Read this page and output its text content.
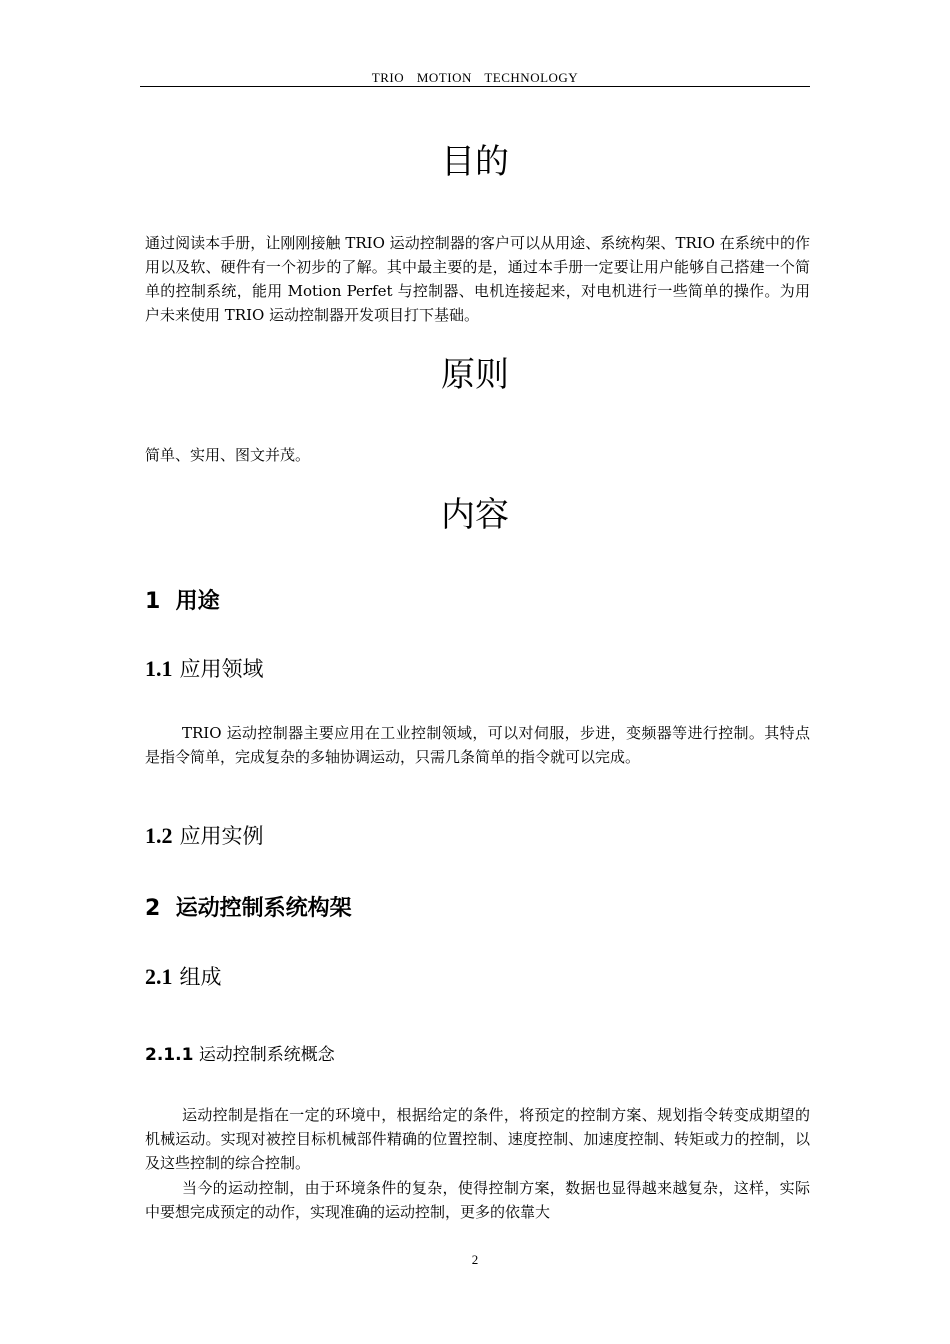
TRIO MOTION TECHNOLOGY
目的

通过阅读本手册，让刚刚接触 TRIO 运动控制器的客户可以从用途、系统构架、TRIO 在系统中的作用以及软、硬件有一个初步的了解。其中最主要的是，通过本手册一定要让用户能够自己搭建一个简单的控制系统，能用 Motion Perfet 与控制器、电机连接起来，对电机进行一些简单的操作。为用户未来使用 TRIO 运动控制器开发项目打下基础。

原则

简单、实用、图文并茂。

内容
1 用途
1.1 应用领域

TRIO 运动控制器主要应用在工业控制领域，可以对伺服，步进，变频器等进行控制。其特点是指令简单，完成复杂的多轴协调运动，只需几条简单的指令就可以完成。

1.2 应用实例
2 运动控制系统构架
2.1 组成
2.1.1 运动控制系统概念

运动控制是指在一定的环境中，根据给定的条件，将预定的控制方案、规划指令转变成期望的机械运动。实现对被控目标机械部件精确的位置控制、速度控制、加速度控制、转矩或力的控制，以及这些控制的综合控制。

当今的运动控制，由于环境条件的复杂，使得控制方案，数据也显得越来越复杂，这样，实际中要想完成预定的动作，实现准确的运动控制，更多的依靠大

2
